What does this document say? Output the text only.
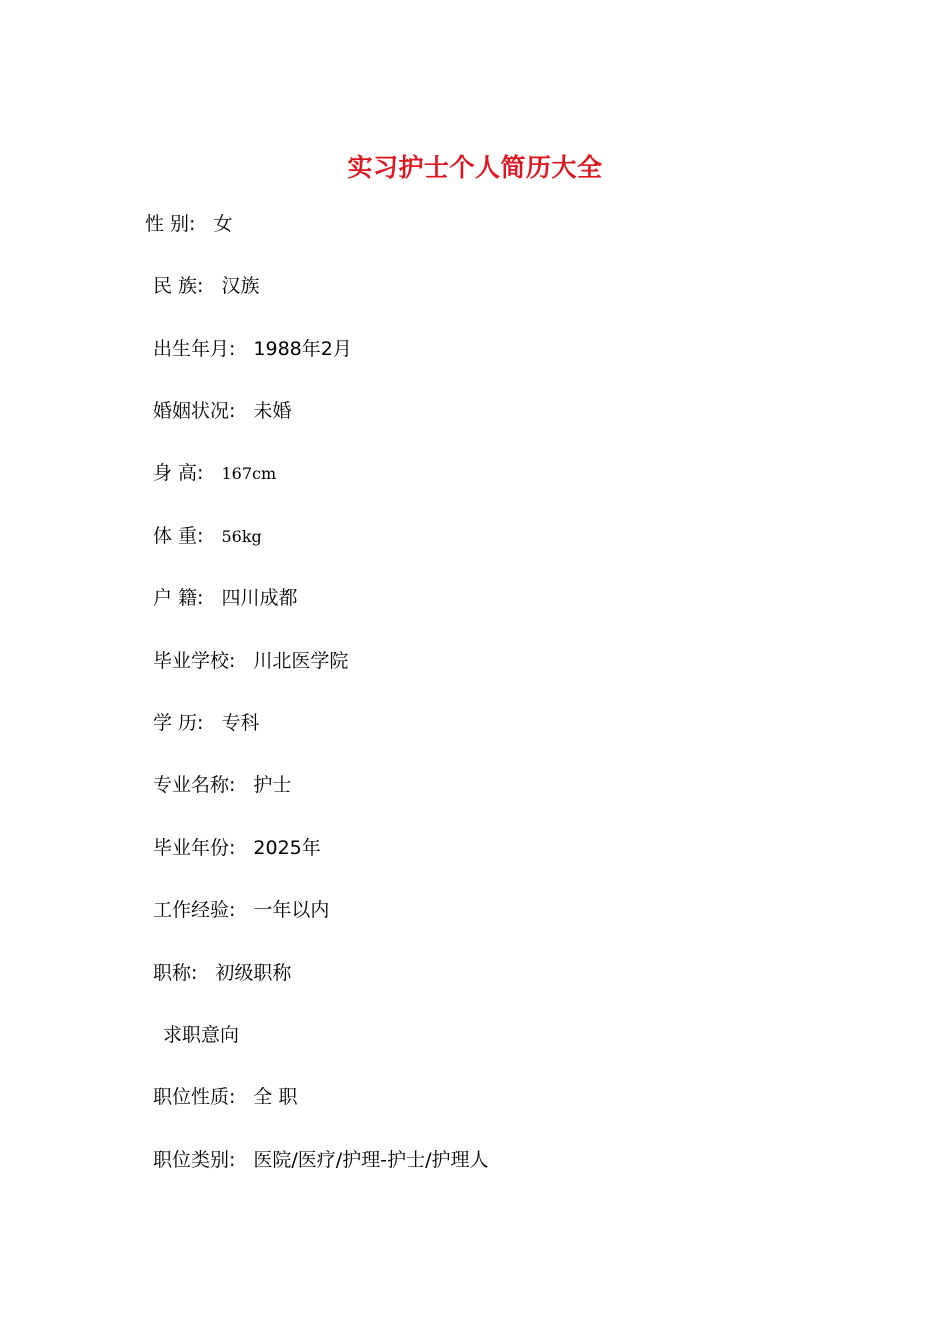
实习护士个人简历大全
性 别: 女
民 族: 汉族
出生年月: 1988年2月
婚姻状况: 未婚
身 高: 167cm
体 重: 56kg
户 籍: 四川成都
毕业学校: 川北医学院
学 历: 专科
专业名称: 护士
毕业年份: 2025年
工作经验: 一年以内
职称: 初级职称
求职意向
职位性质: 全 职
职位类别: 医院/医疗/护理-护士/护理人
